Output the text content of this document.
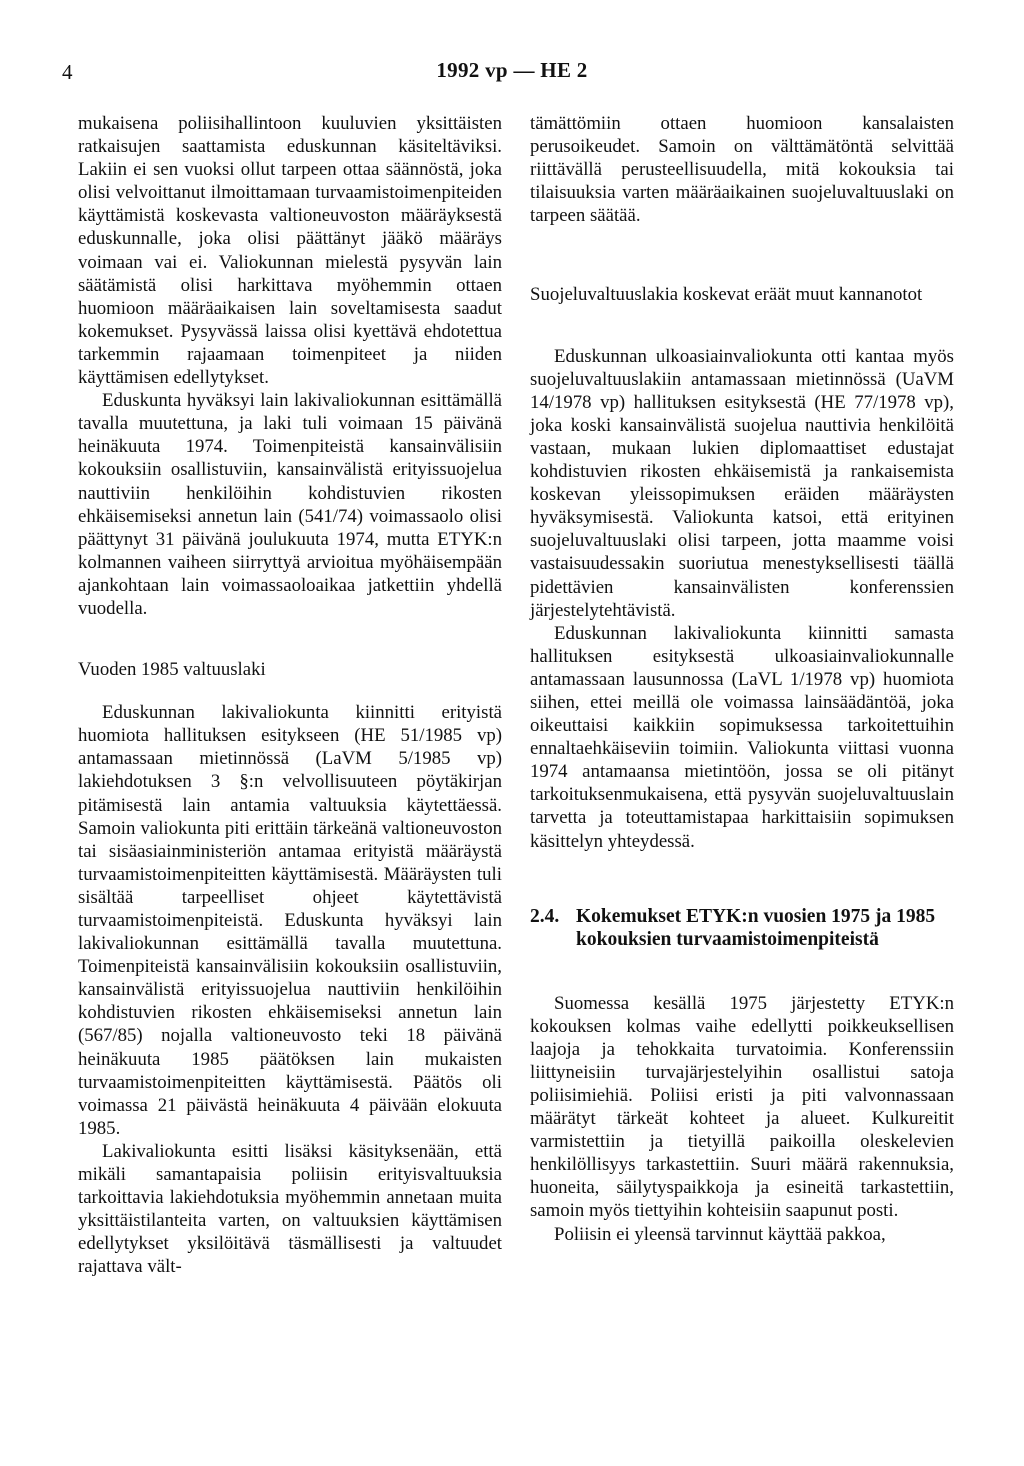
4	1992 vp — HE 2

mukaisena poliisihallintoon kuuluvien yksittäisten ratkaisujen saattamista eduskunnan käsiteltäviksi. Lakiin ei sen vuoksi ollut tarpeen ottaa säännöstä, joka olisi velvoittanut ilmoittamaan turvaamistoimenpiteiden käyttämistä koskevasta valtioneuvoston määräyksestä eduskunnalle, joka olisi päättänyt jääkö määräys voimaan vai ei. Valiokunnan mielestä pysyvän lain säätämistä olisi harkittava myöhemmin ottaen huomioon määräaikaisen lain soveltamisesta saadut kokemukset. Pysyvässä laissa olisi kyettävä ehdotettua tarkemmin rajaamaan toimenpiteet ja niiden käyttämisen edellytykset.

Eduskunta hyväksyi lain lakivaliokunnan esittämällä tavalla muutettuna, ja laki tuli voimaan 15 päivänä heinäkuuta 1974. Toimenpiteistä kansainvälisiin kokouksiin osallistuviin, kansainvälistä erityissuojelua nauttiviin henkilöihin kohdistuvien rikosten ehkäisemiseksi annetun lain (541/74) voimassaolo olisi päättynyt 31 päivänä joulukuuta 1974, mutta ETYK:n kolmannen vaiheen siirryttyä arvioitua myöhäisempään ajankohtaan lain voimassaoloaikaa jatkettiin yhdellä vuodella.

Vuoden 1985 valtuuslaki

Eduskunnan lakivaliokunta kiinnitti erityistä huomiota hallituksen esitykseen (HE 51/1985 vp) antamassaan mietinnössä (LaVM 5/1985 vp) lakiehdotuksen 3 §:n velvollisuuteen pöytäkirjan pitämisestä lain antamia valtuuksia käytettäessä. Samoin valiokunta piti erittäin tärkeänä valtioneuvoston tai sisäasiainministeriön antamaa erityistä määräystä turvaamistoimenpiteitten käyttämisestä. Määräysten tuli sisältää tarpeelliset ohjeet käytettävistä turvaamistoimenpiteistä. Eduskunta hyväksyi lain lakivaliokunnan esittämällä tavalla muutettuna. Toimenpiteistä kansainvälisiin kokouksiin osallistuviin, kansainvälistä erityissuojelua nauttiviin henkilöihin kohdistuvien rikosten ehkäisemiseksi annetun lain (567/85) nojalla valtioneuvosto teki 18 päivänä heinäkuuta 1985 päätöksen lain mukaisten turvaamistoimenpiteitten käyttämisestä. Päätös oli voimassa 21 päivästä heinäkuuta 4 päivään elokuuta 1985.

Lakivaliokunta esitti lisäksi käsityksenään, että mikäli samantapaisia poliisin erityisvaltuuksia tarkoittavia lakiehdotuksia myöhemmin annetaan muita yksittäistilanteita varten, on valtuuksien käyttämisen edellytykset yksilöitävä täsmällisesti ja valtuudet rajattava vält-

tämättömiin ottaen huomioon kansalaisten perusoikeudet. Samoin on välttämätöntä selvittää riittävällä perusteellisuudella, mitä kokouksia tai tilaisuuksia varten määräaikainen suojeluvaltuuslaki on tarpeen säätää.

Suojeluvaltuuslakia koskevat eräät muut kannanotot

Eduskunnan ulkoasiainvaliokunta otti kantaa myös suojeluvaltuuslakiin antamassaan mietinnössä (UaVM 14/1978 vp) hallituksen esityksestä (HE 77/1978 vp), joka koski kansainvälistä suojelua nauttivia henkilöitä vastaan, mukaan lukien diplomaattiset edustajat kohdistuvien rikosten ehkäisemistä ja rankaisemista koskevan yleissopimuksen eräiden määräysten hyväksymisestä. Valiokunta katsoi, että erityinen suojeluvaltuuslaki olisi tarpeen, jotta maamme voisi vastaisuudessakin suoriutua menestyksellisesti täällä pidettävien kansainvälisten konferenssien järjestelytehtävistä.

Eduskunnan lakivaliokunta kiinnitti samasta hallituksen esityksestä ulkoasiainvaliokunnalle antamassaan lausunnossa (LaVL 1/1978 vp) huomiota siihen, ettei meillä ole voimassa lainsäädäntöä, joka oikeuttaisi kaikkiin sopimuksessa tarkoitettuihin ennaltaehkäiseviin toimiin. Valiokunta viittasi vuonna 1974 antamaansa mietintöön, jossa se oli pitänyt tarkoituksenmukaisena, että pysyvän suojeluvaltuuslain tarvetta ja toteuttamistapaa harkittaisiin sopimuksen käsittelyn yhteydessä.

2.4. Kokemukset ETYK:n vuosien 1975 ja 1985 kokouksien turvaamistoimenpiteistä

Suomessa kesällä 1975 järjestetty ETYK:n kokouksen kolmas vaihe edellytti poikkeuksellisen laajoja ja tehokkaita turvatoimia. Konferenssiin liittyneisiin turvajärjestelyihin osallistui satoja poliisimiehiä. Poliisi eristi ja piti valvonnassaan määrätyt tärkeät kohteet ja alueet. Kulkureitit varmistettiin ja tietyillä paikoilla oleskelevien henkilöllisyys tarkastettiin. Suuri määrä rakennuksia, huoneita, säilytyspaikkoja ja esineitä tarkastettiin, samoin myös tiettyihin kohteisiin saapunut posti.

Poliisin ei yleensä tarvinnut käyttää pakkoa,
